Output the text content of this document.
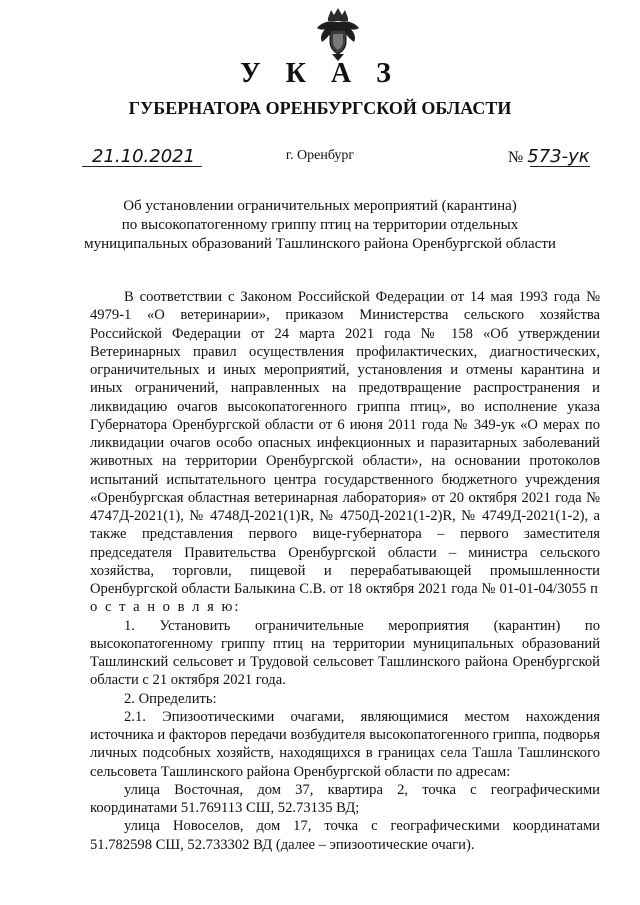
У К А З
ГУБЕРНАТОРА ОРЕНБУРГСКОЙ ОБЛАСТИ
21.10.2021	г. Оренбург	№ 573-ук
Об установлении ограничительных мероприятий (карантина)
по высокопатогенному гриппу птиц на территории отдельных
муниципальных образований Ташлинского района Оренбургской области

В соответствии с Законом Российской Федерации от 14 мая 1993 года № 4979-1 «О ветеринарии», приказом Министерства сельского хозяйства Российской Федерации от 24 марта 2021 года № 158 «Об утверждении Ветеринарных правил осуществления профилактических, диагностических, ограничительных и иных мероприятий, установления и отмены карантина и иных ограничений, направленных на предотвращение распространения и ликвидацию очагов высокопатогенного гриппа птиц», во исполнение указа Губернатора Оренбургской области от 6 июня 2011 года № 349-ук «О мерах по ликвидации очагов особо опасных инфекционных и паразитарных заболеваний животных на территории Оренбургской области», на основании протоколов испытаний испытательного центра государственного бюджетного учреждения «Оренбургская областная ветеринарная лаборатория» от 20 октября 2021 года № 4747Д-2021(1), № 4748Д-2021(1)R, № 4750Д-2021(1-2)R, № 4749Д-2021(1-2), а также представления первого вице-губернатора – первого заместителя председателя Правительства Оренбургской области – министра сельского хозяйства, торговли, пищевой и перерабатывающей промышленности Оренбургской области Балыкина С.В. от 18 октября 2021 года № 01-01-04/3055 п о с т а н о в л я ю:

1. Установить ограничительные мероприятия (карантин) по высокопатогенному гриппу птиц на территории муниципальных образований Ташлинский сельсовет и Трудовой сельсовет Ташлинского района Оренбургской области с 21 октября 2021 года.

2. Определить:

2.1. Эпизоотическими очагами, являющимися местом нахождения источника и факторов передачи возбудителя высокопатогенного гриппа, подворья личных подсобных хозяйств, находящихся в границах села Ташла Ташлинского сельсовета Ташлинского района Оренбургской области по адресам:

улица Восточная, дом 37, квартира 2, точка с географическими координатами 51.769113 СШ, 52.73135 ВД;

улица Новоселов, дом 17, точка с географическими координатами 51.782598 СШ, 52.733302 ВД (далее – эпизоотические очаги).
